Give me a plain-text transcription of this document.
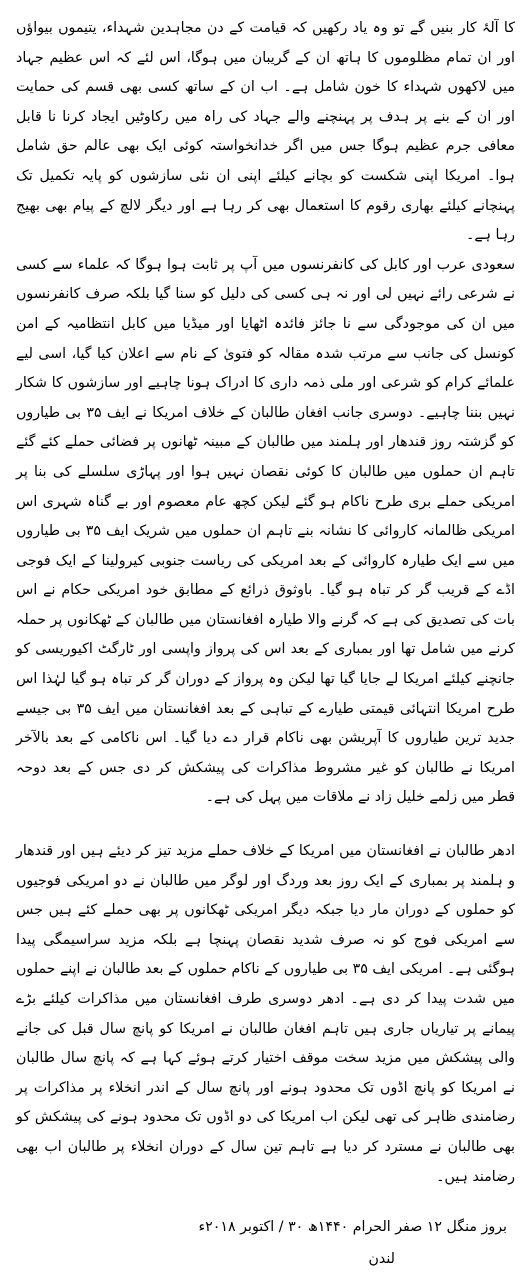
کا آلۂ کار بنیں گے تو وہ یاد رکھیں کہ قیامت کے دن مجاہدین شہداء، یتیموں بیواؤں اور ان تمام مظلوموں کا ہاتھ ان کے گریبان میں ہوگا، اس لئے کہ اس عظیم جہاد میں لاکھوں شہداء کا خون شامل ہے۔ اب ان کے ساتھ کسی بھی قسم کی حمایت اور ان کے بنے پر ہدف پر پہنچنے والے جہاد کی راہ میں رکاوٹیں ایجاد کرنا نا قابل معافی جرم عظیم ہوگا جس میں اگر خدانخواستہ کوئی ایک بھی عالم حق شامل ہوا۔ امریکا اپنی شکست کو بچانے کیلئے اپنی ان نئی سازشوں کو پایہ تکمیل تک پہنچانے کیلئے بھاری رقوم کا استعمال بھی کر رہا ہے اور دیگر لالچ کے پیام بھی بھیج رہا ہے۔

سعودی عرب اور کابل کی کانفرنسوں میں آپ پر ثابت ہوا ہوگا کہ علماء سے کسی نے شرعی رائے نہیں لی اور نہ ہی کسی کی دلیل کو سنا گیا بلکہ صرف کانفرنسوں میں ان کی موجودگی سے نا جائز فائدہ اٹھایا اور میڈیا میں کابل انتظامیہ کے امن کونسل کی جانب سے مرتب شدہ مقالہ کو فتویٰ کے نام سے اعلان کیا گیا، اسی لیے علمائے کرام کو شرعی اور ملی ذمہ داری کا ادراک ہونا چاہیے اور سازشوں کا شکار نہیں بننا چاہیے۔ دوسری جانب افغان طالبان کے خلاف امریکا نے ایف ۳۵ بی طیاروں کو گزشتہ روز قندھار اور ہلمند میں طالبان کے مبینہ ٹھانوں پر فضائی حملے کئے گئے تاہم ان حملوں میں طالبان کا کوئی نقصان نہیں ہوا اور پہاڑی سلسلے کی بنا پر امریکی حملے بری طرح ناکام ہو گئے لیکن کچھ عام معصوم اور بے گناہ شہری اس امریکی ظالمانہ کاروائی کا نشانہ بنے تاہم ان حملوں میں شریک ایف ۳۵ بی طیاروں میں سے ایک طیارہ کاروائی کے بعد امریکی کی ریاست جنوبی کیرولینا کے ایک فوجی اڈے کے قریب گر کر تباہ ہو گیا۔ باوثوق ذرائع کے مطابق خود امریکی حکام نے اس بات کی تصدیق کی ہے کہ گرنے والا طیارہ افغانستان میں طالبان کے ٹھکانوں پر حملہ کرنے میں شامل تھا اور بمباری کے بعد اس کی پرواز واپسی اور ٹارگٹ اکیوریسی کو جانچنے کیلئے امریکا لے جایا گیا تھا لیکن وہ پرواز کے دوران گر کر تباہ ہو گیا لہٰذا اس طرح امریکا انتہائی قیمتی طیارے کے تباہی کے بعد افغانستان میں ایف ۳۵ بی جیسے جدید ترین طیاروں کا آپریشن بھی ناکام قرار دے دیا گیا۔ اس ناکامی کے بعد بالآخر امریکا نے طالبان کو غیر مشروط مذاکرات کی پیشکش کر دی جس کے بعد دوحہ قطر میں زلمے خلیل زاد نے ملاقات میں پہل کی ہے۔

ادھر طالبان نے افغانستان میں امریکا کے خلاف حملے مزید تیز کر دیئے ہیں اور قندھار و ہلمند پر بمباری کے ایک روز بعد وردگ اور لوگر میں طالبان نے دو امریکی فوجیوں کو حملوں کے دوران مار دیا جبکہ دیگر امریکی ٹھکانوں پر بھی حملے کئے ہیں جس سے امریکی فوج کو نہ صرف شدید نقصان پہنچا ہے بلکہ مزید سراسیمگی پیدا ہوگئی ہے۔ امریکی ایف ۳۵ بی طیاروں کے ناکام حملوں کے بعد طالبان نے اپنے حملوں میں شدت پیدا کر دی ہے۔ ادھر دوسری طرف افغانستان میں مذاکرات کیلئے بڑے پیمانے پر تیاریاں جاری ہیں تاہم افغان طالبان نے امریکا کو پانچ سال قبل کی جانے والی پیشکش میں مزید سخت موقف اختیار کرتے ہوئے کہا ہے کہ پانچ سال طالبان نے امریکا کو پانچ اڈوں تک محدود ہونے اور پانچ سال کے اندر انخلاء پر مذاکرات پر رضامندی ظاہر کی تھی لیکن اب امریکا کی دو اڈوں تک محدود ہونے کی پیشکش کو بھی طالبان نے مسترد کر دیا ہے تاہم تین سال کے دوران انخلاء پر طالبان اب بھی رضامند ہیں۔

بروز منگل ۱۲ صفر الحرام ۱۴۴۰ھ ۳۰ / اکتوبر ۲۰۱۸ء
لندن
